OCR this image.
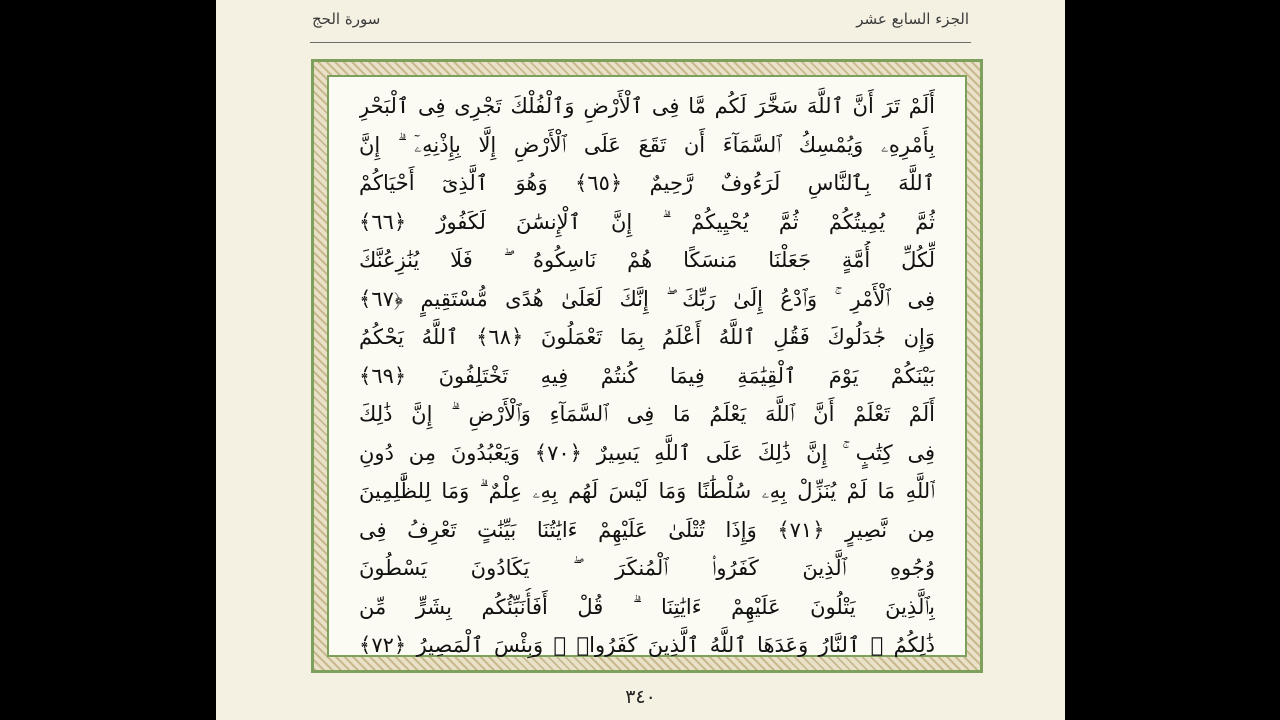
سورة الحج	الجزء السابع عشر
أَلَمْ تَرَ أَنَّ ٱللَّهَ سَخَّرَ لَكُم مَّا فِى ٱلْأَرْضِ وَٱلْفُلْكَ تَجْرِى فِى ٱلْبَحْرِ
بِأَمْرِهِۦ وَيُمْسِكُ ٱلسَّمَآءَ أَن تَقَعَ عَلَى ٱلْأَرْضِ إِلَّا بِإِذْنِهِۦٓ ۗ إِنَّ
ٱللَّهَ بِٱلنَّاسِ لَرَءُوفٌ رَّحِيمٌ ﴿٦٥﴾ وَهُوَ ٱلَّذِىٓ أَحْيَاكُمْ
ثُمَّ يُمِيتُكُمْ ثُمَّ يُحْيِيكُمْ ۗ إِنَّ ٱلْإِنسَٰنَ لَكَفُورٌ ﴿٦٦﴾
لِّكُلِّ أُمَّةٍ جَعَلْنَا مَنسَكًا هُمْ نَاسِكُوهُ ۖ فَلَا يُنَٰزِعُنَّكَ
فِى ٱلْأَمْرِ ۚ وَٱدْعُ إِلَىٰ رَبِّكَ ۖ إِنَّكَ لَعَلَىٰ هُدًى مُّسْتَقِيمٍ ﴿٦٧﴾
وَإِن جَٰدَلُوكَ فَقُلِ ٱللَّهُ أَعْلَمُ بِمَا تَعْمَلُونَ ﴿٦٨﴾ ٱللَّهُ يَحْكُمُ
بَيْنَكُمْ يَوْمَ ٱلْقِيَٰمَةِ فِيمَا كُنتُمْ فِيهِ تَخْتَلِفُونَ ﴿٦٩﴾
أَلَمْ تَعْلَمْ أَنَّ ٱللَّهَ يَعْلَمُ مَا فِى ٱلسَّمَآءِ وَٱلْأَرْضِ ۗ إِنَّ ذَٰلِكَ
فِى كِتَٰبٍ ۚ إِنَّ ذَٰلِكَ عَلَى ٱللَّهِ يَسِيرٌ ﴿٧٠﴾ وَيَعْبُدُونَ مِن دُونِ
ٱللَّهِ مَا لَمْ يُنَزِّلْ بِهِۦ سُلْطَٰنًا وَمَا لَيْسَ لَهُم بِهِۦ عِلْمٌ ۗ وَمَا لِلظَّٰلِمِينَ
مِن نَّصِيرٍ ﴿٧١﴾ وَإِذَا تُتْلَىٰ عَلَيْهِمْ ءَايَٰتُنَا بَيِّنَٰتٍ تَعْرِفُ فِى
وُجُوهِ ٱلَّذِينَ كَفَرُوا۟ ٱلْمُنكَرَ ۖ يَكَادُونَ يَسْطُونَ
بِٱلَّذِينَ يَتْلُونَ عَلَيْهِمْ ءَايَٰتِنَا ۗ قُلْ أَفَأُنَبِّئُكُم بِشَرٍّ مِّن
ذَٰلِكُمُ ۗ ٱلنَّارُ وَعَدَهَا ٱللَّهُ ٱلَّذِينَ كَفَرُوا۟ ۖ وَبِئْسَ ٱلْمَصِيرُ ﴿٧٢﴾
٣٤٠
